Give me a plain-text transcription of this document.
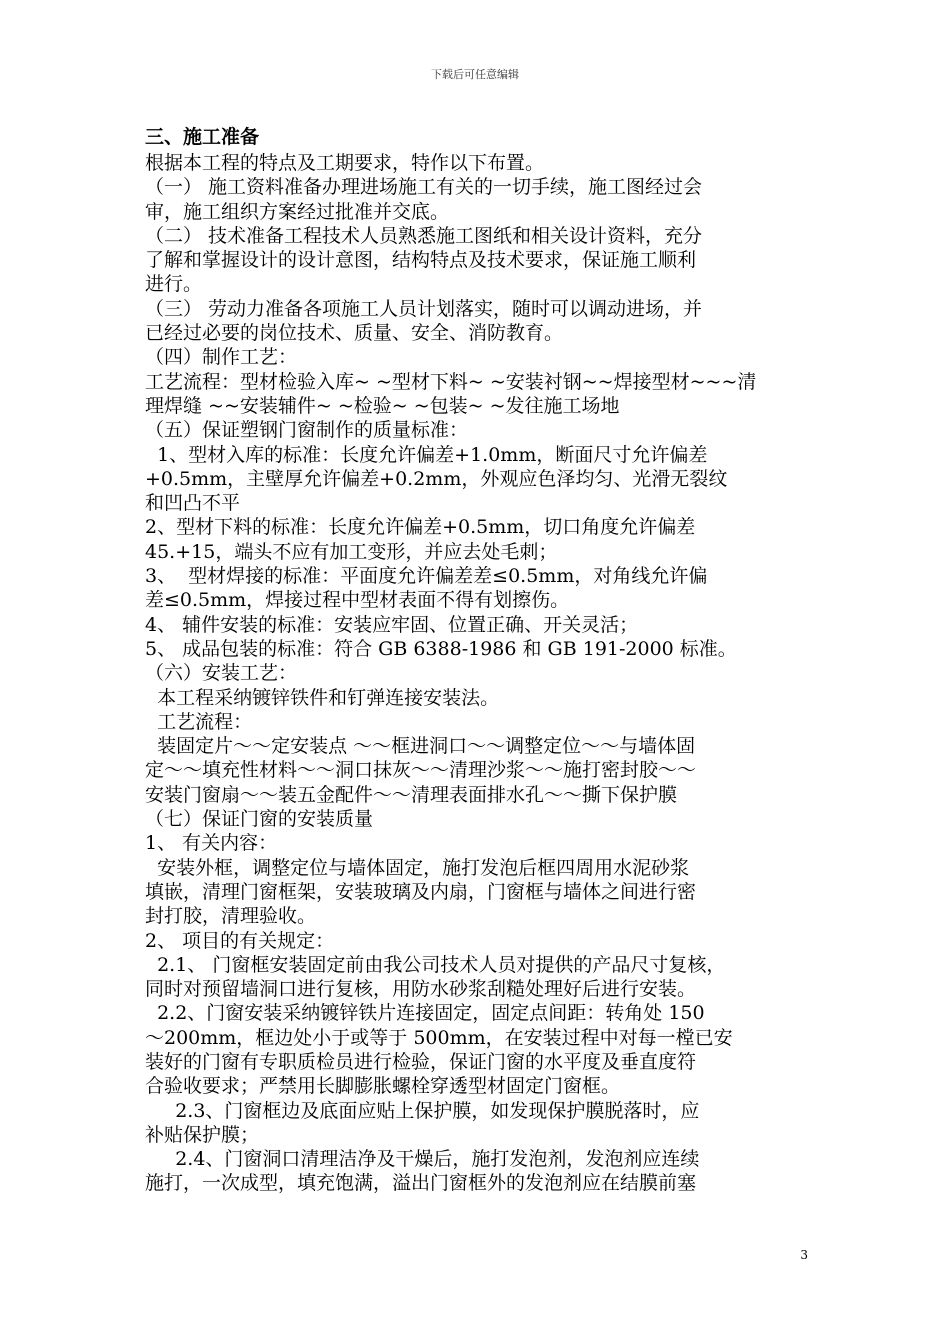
下载后可任意编辑
三、施工准备

根据本工程的特点及工期要求，特作以下布置。

（一） 施工资料准备办理进场施工有关的一切手续，施工图经过会

审，施工组织方案经过批准并交底。

（二） 技术准备工程技术人员熟悉施工图纸和相关设计资料，充分

了解和掌握设计的设计意图，结构特点及技术要求，保证施工顺利

进行。

（三） 劳动力准备各项施工人员计划落实，随时可以调动进场，并

已经过必要的岗位技术、质量、安全、消防教育。

（四）制作工艺：

工艺流程：型材检验入库~ ~型材下料~ ~安装衬钢~~焊接型材~~~清

理焊缝 ~~安装辅件~ ~检验~ ~包装~ ~发往施工场地

（五）保证塑钢门窗制作的质量标准：

1、型材入库的标准：长度允许偏差+1.0mm，断面尺寸允许偏差

+0.5mm，主壁厚允许偏差+0.2mm，外观应色泽均匀、光滑无裂纹

和凹凸不平

2、型材下料的标准：长度允许偏差+0.5mm，切口角度允许偏差

45.+15，端头不应有加工变形，并应去处毛刺；

3、  型材焊接的标准：平面度允许偏差差≤0.5mm，对角线允许偏

差≤0.5mm，焊接过程中型材表面不得有划擦伤。

4、 辅件安装的标准：安装应牢固、位置正确、开关灵活；

5、 成品包装的标准：符合 GB 6388-1986 和 GB 191-2000 标准。

（六）安装工艺：

本工程采纳镀锌铁件和钉弹连接安装法。

工艺流程：

装固定片～～定安装点 ～～框进洞口～～调整定位～～与墙体固

定～～填充性材料～～洞口抹灰～～清理沙浆～～施打密封胶～～

安装门窗扇～～装五金配件～～清理表面排水孔～～撕下保护膜

（七）保证门窗的安装质量

1、 有关内容：

安装外框，调整定位与墙体固定，施打发泡后框四周用水泥砂浆

填嵌，清理门窗框架，安装玻璃及内扇，门窗框与墙体之间进行密

封打胶，清理验收。

2、 项目的有关规定：

2.1、 门窗框安装固定前由我公司技术人员对提供的产品尺寸复核，

同时对预留墙洞口进行复核，用防水砂浆刮糙处理好后进行安装。

2.2、门窗安装采纳镀锌铁片连接固定，固定点间距：转角处 150

～200mm，框边处小于或等于 500mm，在安装过程中对每一樘已安

装好的门窗有专职质检员进行检验，保证门窗的水平度及垂直度符

合验收要求；严禁用长脚膨胀螺栓穿透型材固定门窗框。

2.3、门窗框边及底面应贴上保护膜，如发现保护膜脱落时，应

补贴保护膜；

2.4、门窗洞口清理洁净及干燥后，施打发泡剂，发泡剂应连续

施打，一次成型，填充饱满，溢出门窗框外的发泡剂应在结膜前塞

3
